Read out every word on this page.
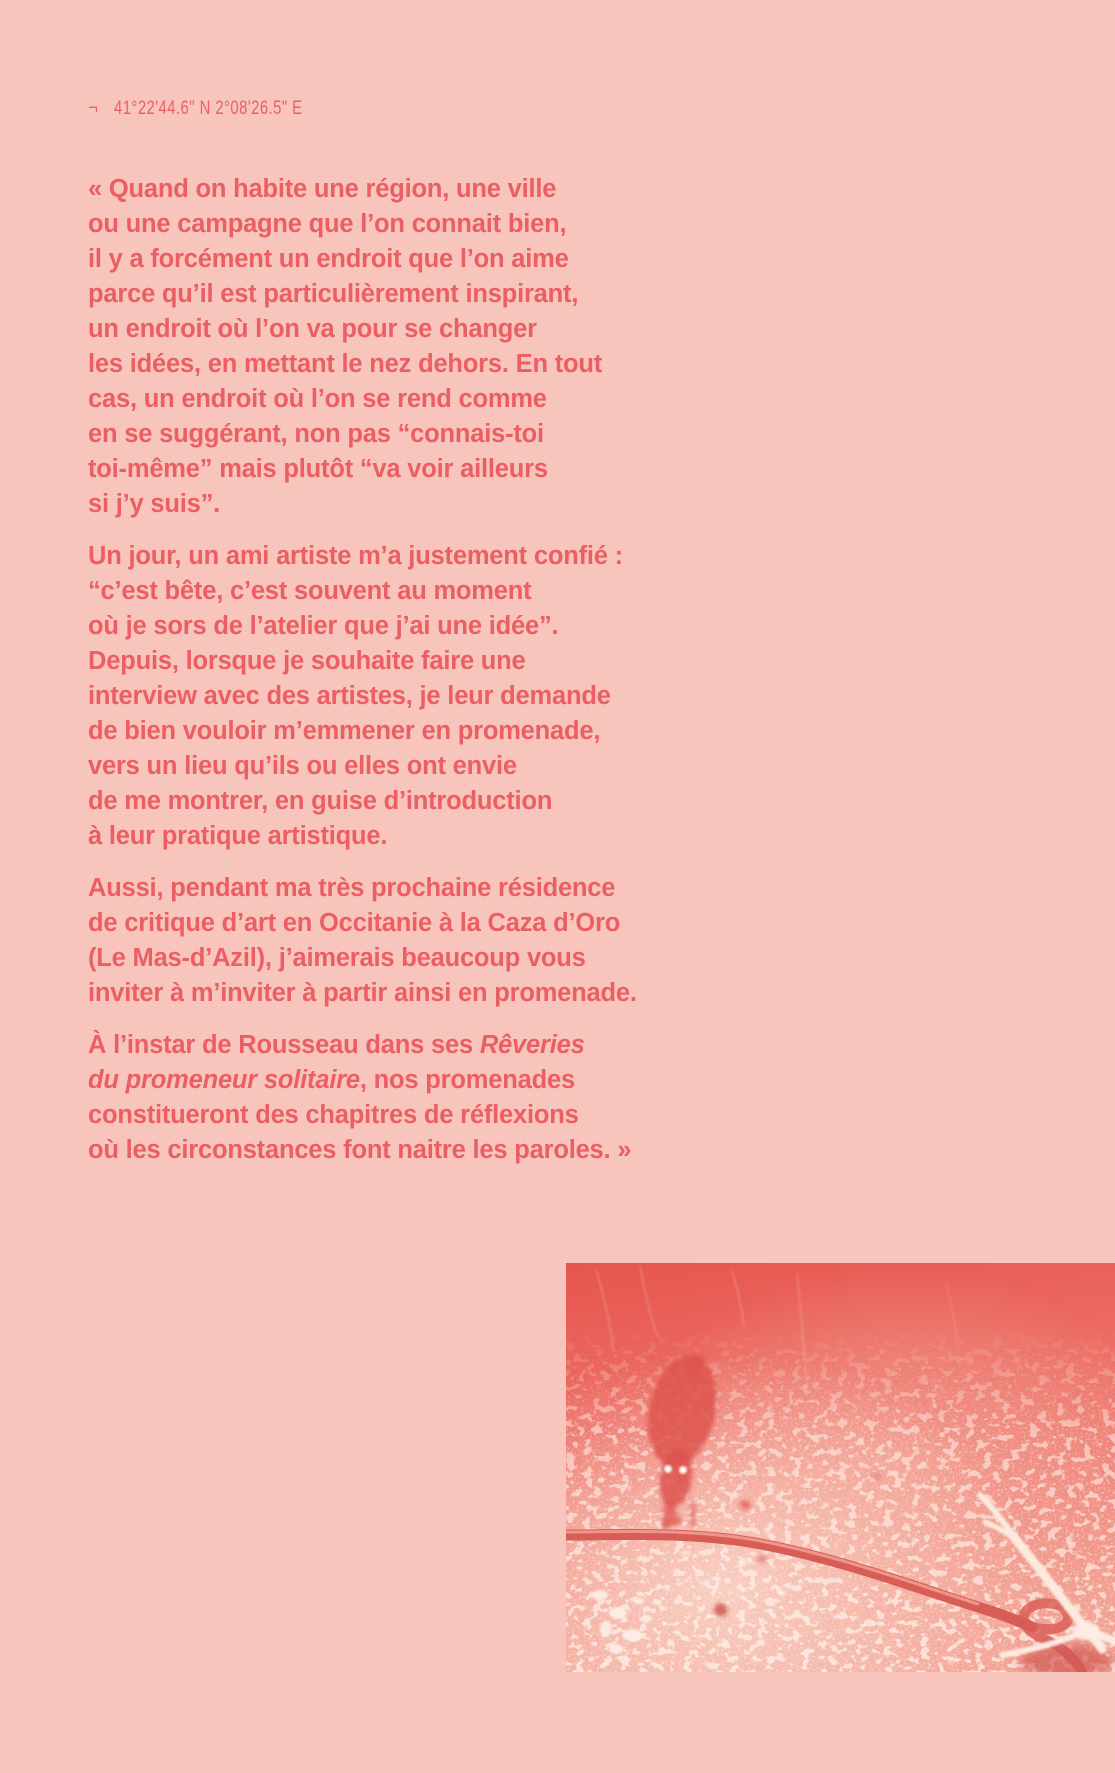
¬ 41°22'44.6" N 2°08'26.5" E
« Quand on habite une région, une ville
ou une campagne que l’on connait bien,
il y a forcément un endroit que l’on aime
parce qu’il est particulièrement inspirant,
un endroit où l’on va pour se changer
les idées, en mettant le nez dehors. En tout
cas, un endroit où l’on se rend comme
en se suggérant, non pas “connais-toi
toi-même” mais plutôt “va voir ailleurs
si j’y suis”.
Un jour, un ami artiste m’a justement confié :
“c’est bête, c’est souvent au moment
où je sors de l’atelier que j’ai une idée”.
Depuis, lorsque je souhaite faire une
interview avec des artistes, je leur demande
de bien vouloir m’emmener en promenade,
vers un lieu qu’ils ou elles ont envie
de me montrer, en guise d’introduction
à leur pratique artistique.
Aussi, pendant ma très prochaine résidence
de critique d’art en Occitanie à la Caza d’Oro
(Le Mas-d’Azil), j’aimerais beaucoup vous
inviter à m’inviter à partir ainsi en promenade.
À l’instar de Rousseau dans ses Rêveries
du promeneur solitaire, nos promenades
constitueront des chapitres de réflexions
où les circonstances font naitre les paroles. »
